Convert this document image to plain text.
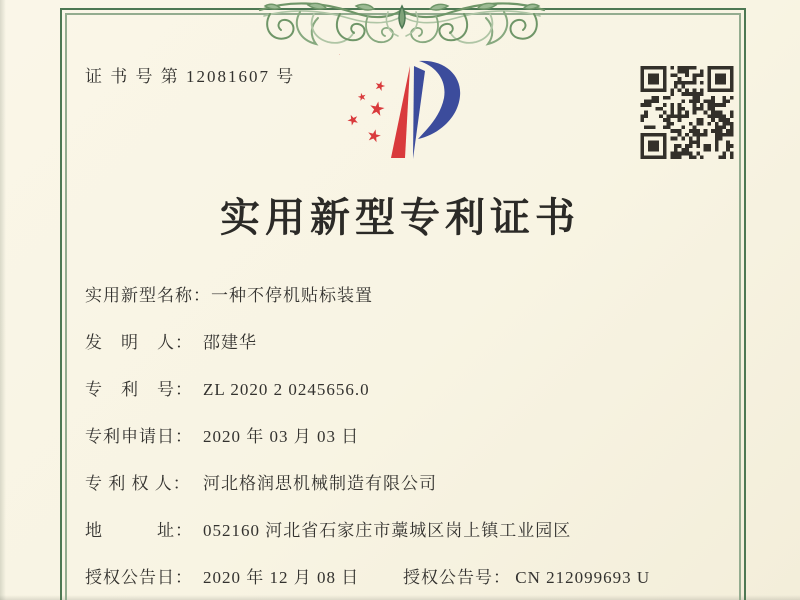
证 书 号 第 12081607 号
实用新型专利证书
实用新型名称：一种不停机贴标装置
发　明　人： 邵建华
专　利　号： ZL 2020 2 0245656.0
专利申请日： 2020 年 03 月 03 日
专 利 权 人： 河北格润思机械制造有限公司
地　　　址： 052160 河北省石家庄市藁城区岗上镇工业园区
授权公告日： 2020 年 12 月 08 日	授权公告号： CN 212099693 U
